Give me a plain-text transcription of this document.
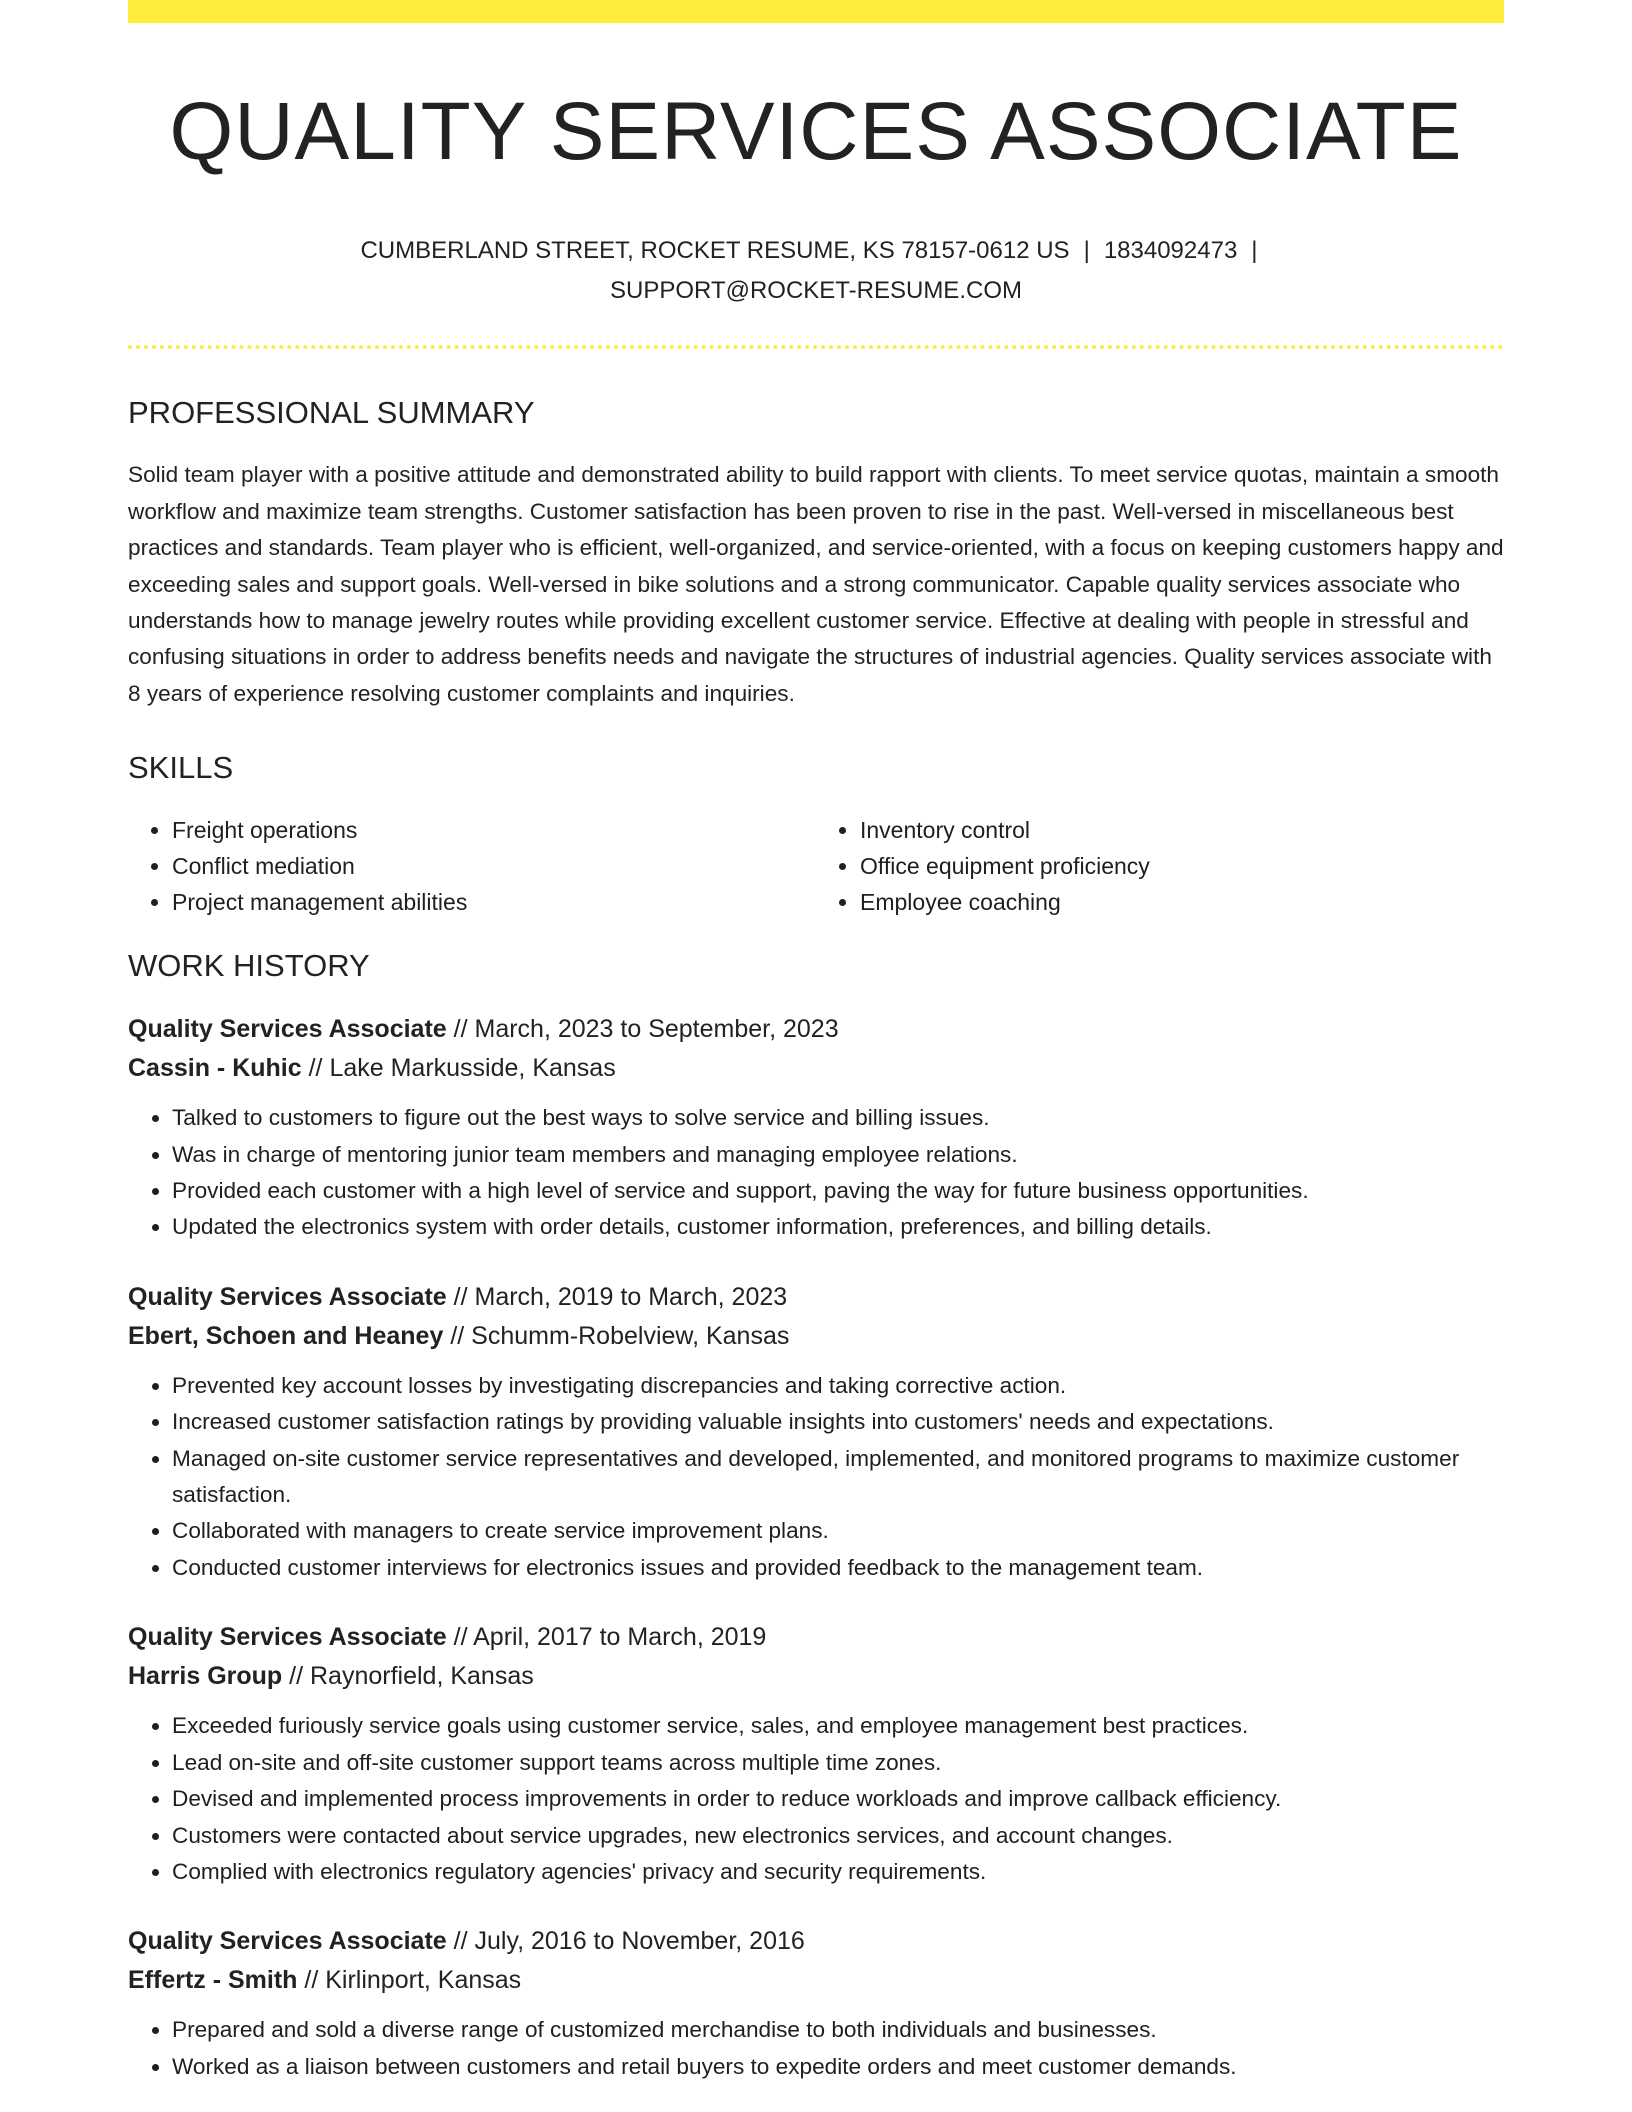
QUALITY SERVICES ASSOCIATE
CUMBERLAND STREET, ROCKET RESUME, KS 78157-0612 US | 1834092473 |
SUPPORT@ROCKET-RESUME.COM
PROFESSIONAL SUMMARY

Solid team player with a positive attitude and demonstrated ability to build rapport with clients. To meet service quotas, maintain a smooth workflow and maximize team strengths. Customer satisfaction has been proven to rise in the past. Well-versed in miscellaneous best practices and standards. Team player who is efficient, well-organized, and service-oriented, with a focus on keeping customers happy and exceeding sales and support goals. Well-versed in bike solutions and a strong communicator. Capable quality services associate who understands how to manage jewelry routes while providing excellent customer service. Effective at dealing with people in stressful and confusing situations in order to address benefits needs and navigate the structures of industrial agencies. Quality services associate with 8 years of experience resolving customer complaints and inquiries.

SKILLS
• Freight operations
• Conflict mediation
• Project management abilities
• Inventory control
• Office equipment proficiency
• Employee coaching
WORK HISTORY
Quality Services Associate // March, 2023 to September, 2023
Cassin - Kuhic // Lake Markusside, Kansas
• Talked to customers to figure out the best ways to solve service and billing issues.
• Was in charge of mentoring junior team members and managing employee relations.
• Provided each customer with a high level of service and support, paving the way for future business opportunities.
• Updated the electronics system with order details, customer information, preferences, and billing details.
Quality Services Associate // March, 2019 to March, 2023
Ebert, Schoen and Heaney // Schumm-Robelview, Kansas
• Prevented key account losses by investigating discrepancies and taking corrective action.
• Increased customer satisfaction ratings by providing valuable insights into customers' needs and expectations.
• Managed on-site customer service representatives and developed, implemented, and monitored programs to maximize customer satisfaction.
• Collaborated with managers to create service improvement plans.
• Conducted customer interviews for electronics issues and provided feedback to the management team.
Quality Services Associate // April, 2017 to March, 2019
Harris Group // Raynorfield, Kansas
• Exceeded furiously service goals using customer service, sales, and employee management best practices.
• Lead on-site and off-site customer support teams across multiple time zones.
• Devised and implemented process improvements in order to reduce workloads and improve callback efficiency.
• Customers were contacted about service upgrades, new electronics services, and account changes.
• Complied with electronics regulatory agencies' privacy and security requirements.
Quality Services Associate // July, 2016 to November, 2016
Effertz - Smith // Kirlinport, Kansas
• Prepared and sold a diverse range of customized merchandise to both individuals and businesses.
• Worked as a liaison between customers and retail buyers to expedite orders and meet customer demands.
